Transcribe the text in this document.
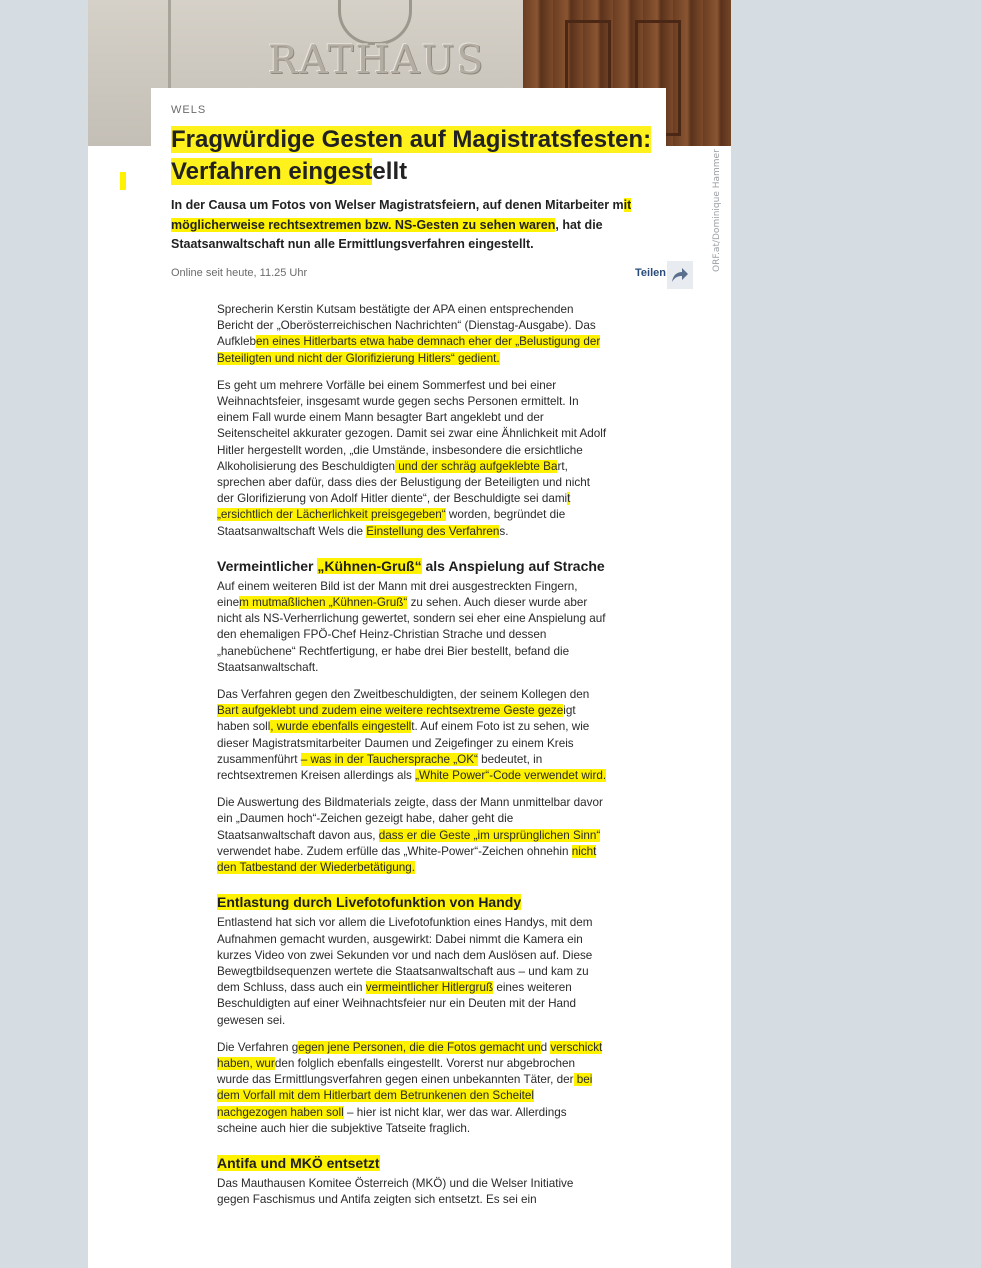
RATHAUS
ORF.at/Dominique Hammer
WELS
Fragwürdige Gesten auf Magistratsfesten:
Verfahren eingestellt

In der Causa um Fotos von Welser Magistratsfeiern, auf denen Mitarbeiter mit möglicherweise rechtsextremen bzw. NS-Gesten zu sehen waren, hat die Staatsanwaltschaft nun alle Ermittlungsverfahren eingestellt.

Online seit heute, 11.25 Uhr	Teilen

Sprecherin Kerstin Kutsam bestätigte der APA einen entsprechenden Bericht der „Oberösterreichischen Nachrichten“ (Dienstag-Ausgabe). Das Aufkleben eines Hitlerbarts etwa habe demnach eher der „Belustigung der Beteiligten und nicht der Glorifizierung Hitlers“ gedient.

Es geht um mehrere Vorfälle bei einem Sommerfest und bei einer Weihnachtsfeier, insgesamt wurde gegen sechs Personen ermittelt. In einem Fall wurde einem Mann besagter Bart angeklebt und der Seitenscheitel akkurater gezogen. Damit sei zwar eine Ähnlichkeit mit Adolf Hitler hergestellt worden, „die Umstände, insbesondere die ersichtliche Alkoholisierung des Beschuldigten und der schräg aufgeklebte Bart, sprechen aber dafür, dass dies der Belustigung der Beteiligten und nicht der Glorifizierung von Adolf Hitler diente“, der Beschuldigte sei damit „ersichtlich der Lächerlichkeit preisgegeben“ worden, begründet die Staatsanwaltschaft Wels die Einstellung des Verfahrens.

Vermeintlicher „Kühnen-Gruß“ als Anspielung auf Strache

Auf einem weiteren Bild ist der Mann mit drei ausgestreckten Fingern, einem mutmaßlichen „Kühnen-Gruß“ zu sehen. Auch dieser wurde aber nicht als NS-Verherrlichung gewertet, sondern sei eher eine Anspielung auf den ehemaligen FPÖ-Chef Heinz-Christian Strache und dessen „hanebüchene“ Rechtfertigung, er habe drei Bier bestellt, befand die Staatsanwaltschaft.

Das Verfahren gegen den Zweitbeschuldigten, der seinem Kollegen den Bart aufgeklebt und zudem eine weitere rechtsextreme Geste gezeigt haben soll, wurde ebenfalls eingestellt. Auf einem Foto ist zu sehen, wie dieser Magistratsmitarbeiter Daumen und Zeigefinger zu einem Kreis zusammenführt – was in der Tauchersprache „OK“ bedeutet, in rechtsextremen Kreisen allerdings als „White Power“-Code verwendet wird.

Die Auswertung des Bildmaterials zeigte, dass der Mann unmittelbar davor ein „Daumen hoch“-Zeichen gezeigt habe, daher geht die Staatsanwaltschaft davon aus, dass er die Geste „im ursprünglichen Sinn“ verwendet habe. Zudem erfülle das „White-Power“-Zeichen ohnehin nicht den Tatbestand der Wiederbetätigung.

Entlastung durch Livefotofunktion von Handy

Entlastend hat sich vor allem die Livefotofunktion eines Handys, mit dem Aufnahmen gemacht wurden, ausgewirkt: Dabei nimmt die Kamera ein kurzes Video von zwei Sekunden vor und nach dem Auslösen auf. Diese Bewegtbildsequenzen wertete die Staatsanwaltschaft aus – und kam zu dem Schluss, dass auch ein vermeintlicher Hitlergruß eines weiteren Beschuldigten auf einer Weihnachtsfeier nur ein Deuten mit der Hand gewesen sei.

Die Verfahren gegen jene Personen, die die Fotos gemacht und verschickt haben, wurden folglich ebenfalls eingestellt. Vorerst nur abgebrochen wurde das Ermittlungsverfahren gegen einen unbekannten Täter, der bei dem Vorfall mit dem Hitlerbart dem Betrunkenen den Scheitel nachgezogen haben soll – hier ist nicht klar, wer das war. Allerdings scheine auch hier die subjektive Tatseite fraglich.

Antifa und MKÖ entsetzt

Das Mauthausen Komitee Österreich (MKÖ) und die Welser Initiative gegen Faschismus und Antifa zeigten sich entsetzt. Es sei ein
